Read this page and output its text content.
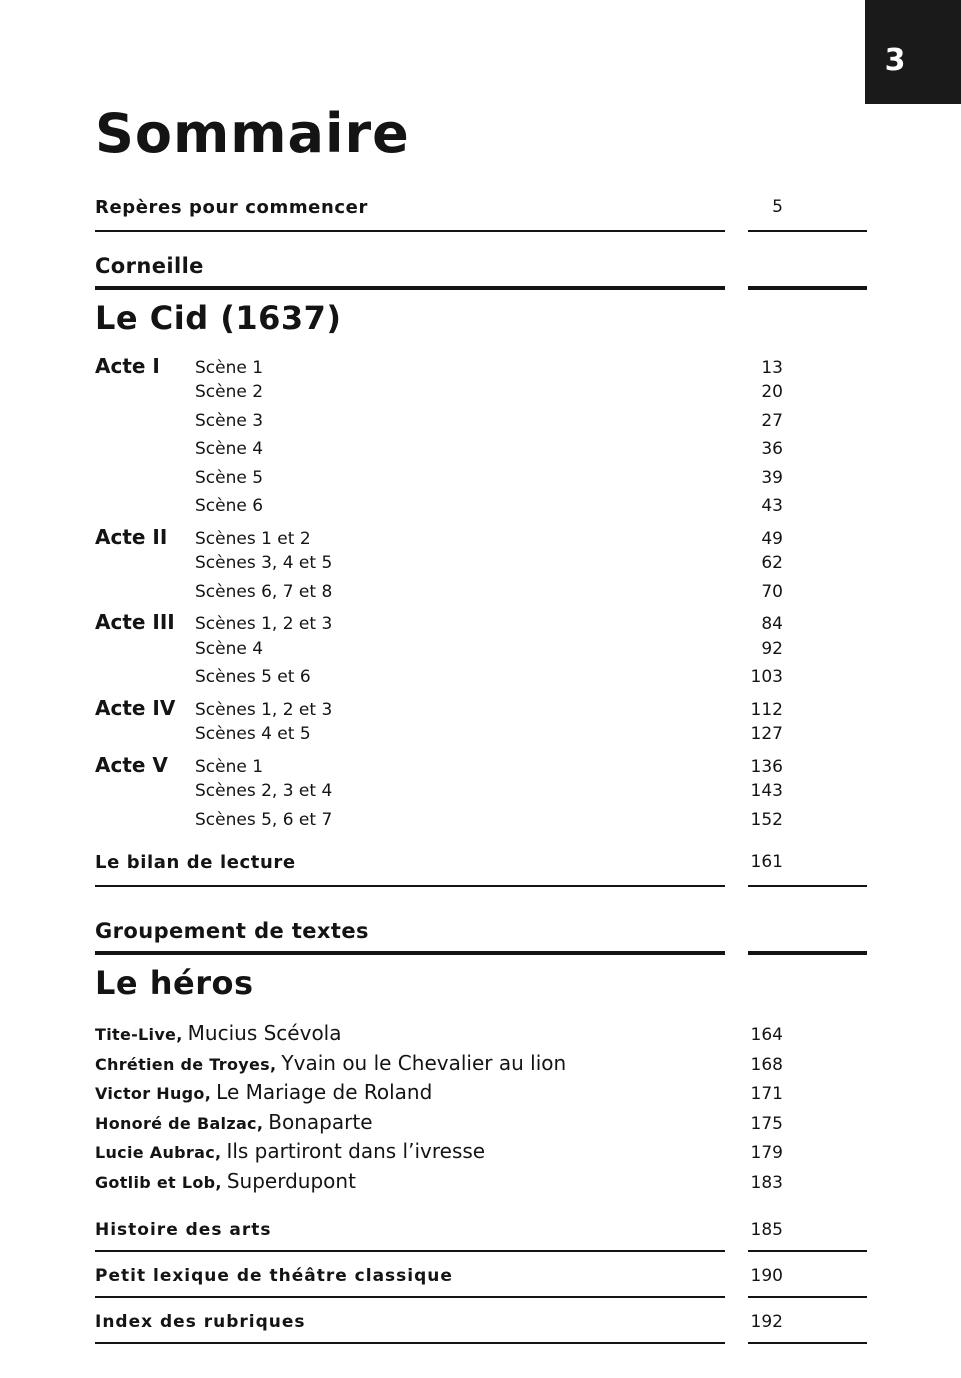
3
Sommaire
Repères pour commencer	5
Corneille
Le Cid (1637)
Acte I	Scène 1	13
Scène 2	20
Scène 3	27
Scène 4	36
Scène 5	39
Scène 6	43
Acte II	Scènes 1 et 2	49
Scènes 3, 4 et 5	62
Scènes 6, 7 et 8	70
Acte III	Scènes 1, 2 et 3	84
Scène 4	92
Scènes 5 et 6	103
Acte IV	Scènes 1, 2 et 3	112
Scènes 4 et 5	127
Acte V	Scène 1	136
Scènes 2, 3 et 4	143
Scènes 5, 6 et 7	152
Le bilan de lecture	161
Groupement de textes
Le héros
Tite-Live, Mucius Scévola	164
Chrétien de Troyes, Yvain ou le Chevalier au lion	168
Victor Hugo, Le Mariage de Roland	171
Honoré de Balzac, Bonaparte	175
Lucie Aubrac, Ils partiront dans l’ivresse	179
Gotlib et Lob, Superdupont	183
Histoire des arts	185
Petit lexique de théâtre classique	190
Index des rubriques	192
